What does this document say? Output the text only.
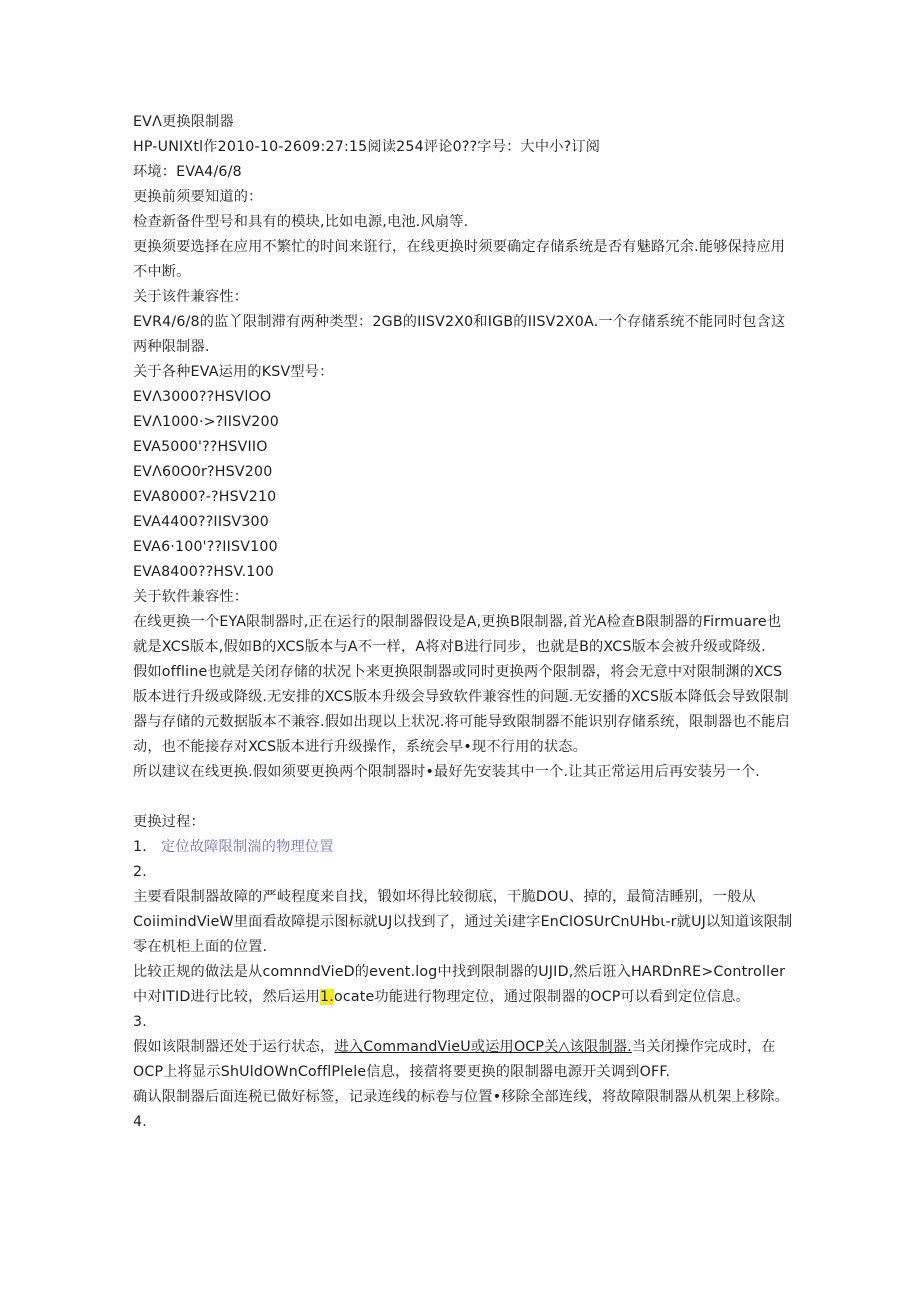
EVΛ更换限制器

HP-UNIXtl作2010-10-2609:27:15阅读254评论0??字号：大中小?订阅

环境：EVA4/6/8

更换前须要知道的：

检查新备件型号和具有的模块,比如电源,电池.风扇等.

更换须要选择在应用不繁忙的时间来诳行，在线更换时须要确定存储系统是否有魅路冗余.能够保持应用不中断。

关于该件兼容性：

EVR4/6/8的监丫限制滞有两种类型：2GB的IISV2X0和IGB的IISV2X0A.一个存储系统不能同时包含这两种限制器.

关于各种EVA运用的KSV型号：

EVΛ3000??HSVlOO

EVΛ1000·>?IISV200

EVA5000'??HSVIIO

EVΛ60O0r?HSV200

EVA8000?-?HSV210

EVA4400??IISV300

EVA6·100'??IISV100

EVA8400??HSV.100

关于软件兼容性：

在线更换一个EYA限制器时,正在运行的限制器假设是A,更换B限制器,首光A检查B限制器的Firmuare也就是XCS版本,假如B的XCS版本与A不一样，A将对B进行同步，也就是B的XCS版本会被升级或降级.

假如offline也就是关闭存储的状况卜来更换限制器或同时更换两个限制器，将会无意中对限制渊的XCS版本进行升级或降级.无安排的XCS版本升级会导致软件兼容性的问题.无安播的XCS版本降低会导致限制器与存储的元数据版本不兼容.假如出现以上状况.将可能导致限制器不能识别存储系统，限制器也不能启动，也不能接存对XCS版本进行升级操作，系统会早•现不行用的状态。

所以建议在线更换.假如须要更换两个限制器时•最好先安装其中一个.让其正常运用后再安装另一个.

更换过程：

1. 定位故障限制湍的物理位置

2.

主要看限制器故障的严岐程度来自找，锻如坏得比较彻底，干脆DOU、掉的，最简洁睡别，一般从CoiimindVieW里面看故障提示图标就UJ以找到了，通过关i建字EnClOSUrCnUHbι-r就UJ以知道该限制零在机柜上面的位置.

比较正规的做法是从comnndVieD的event.log中找到限制器的UJID,然后诳入HARDnRE>Controller中对ITID进行比较，然后运用1.ocate功能进行物理定位，通过限制器的OCP可以看到定位信息。

3.

假如该限制器还处于运行状态，进入CommandVieU或运用OCP关△该限制器.当关闭操作完成时，在OCP上将显示ShUldOWnCofflPlele信息，接蓿将要更换的限制器电源开关调到OFF.

确认限制器后面连税已做好标签，记录连线的标卷与位置•移除全部连线，将故障限制器从机架上移除。

4.
